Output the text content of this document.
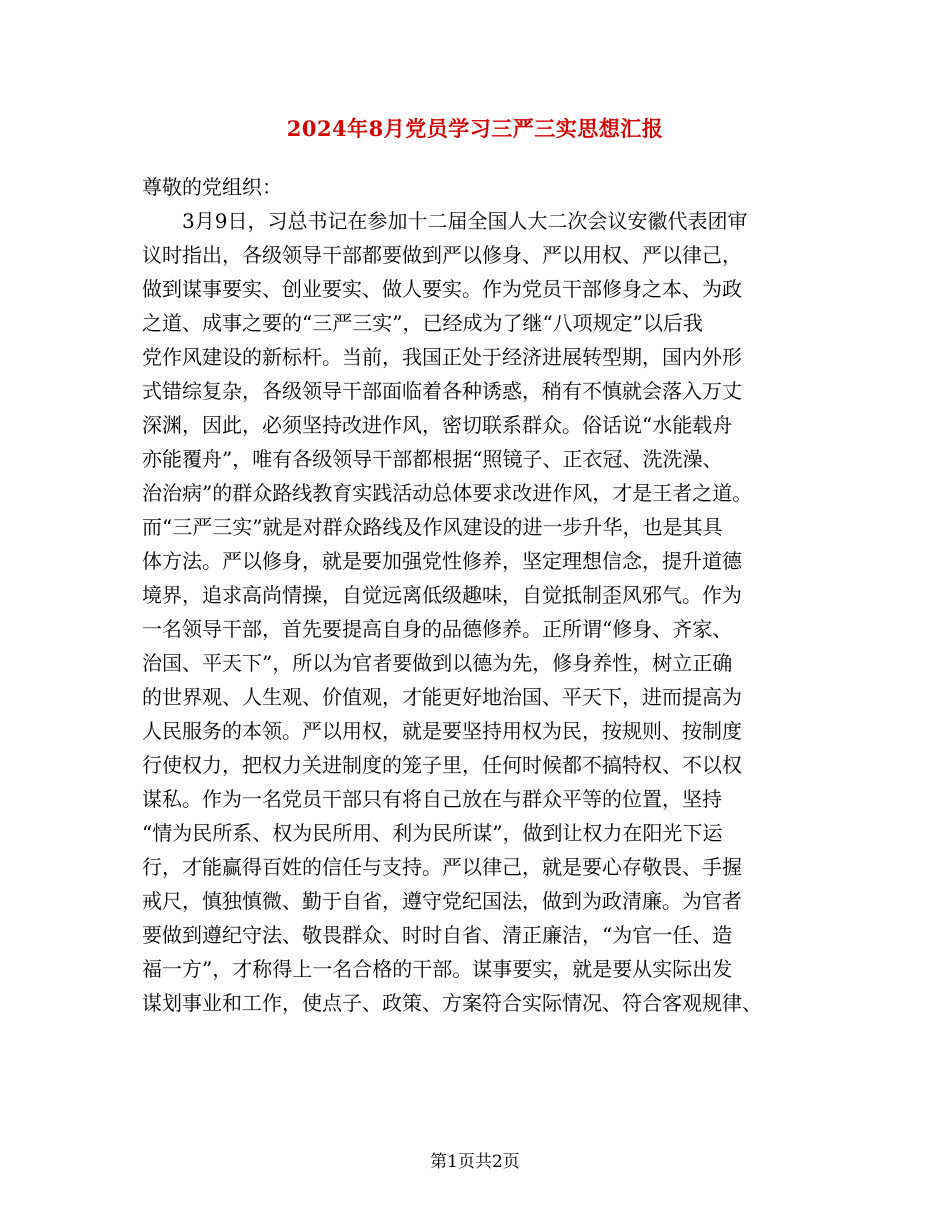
2024年8月党员学习三严三实思想汇报
尊敬的党组织：
3月9日，习总书记在参加十二届全国人大二次会议安徽代表团审
议时指出，各级领导干部都要做到严以修身、严以用权、严以律己，
做到谋事要实、创业要实、做人要实。作为党员干部修身之本、为政
之道、成事之要的“三严三实”，已经成为了继“八项规定”以后我
党作风建设的新标杆。当前，我国正处于经济进展转型期，国内外形
式错综复杂，各级领导干部面临着各种诱惑，稍有不慎就会落入万丈
深渊，因此，必须坚持改进作风，密切联系群众。俗话说“水能载舟
亦能覆舟”，唯有各级领导干部都根据“照镜子、正衣冠、洗洗澡、
治治病”的群众路线教育实践活动总体要求改进作风，才是王者之道。
而“三严三实”就是对群众路线及作风建设的进一步升华，也是其具
体方法。严以修身，就是要加强党性修养，坚定理想信念，提升道德
境界，追求高尚情操，自觉远离低级趣味，自觉抵制歪风邪气。作为
一名领导干部，首先要提高自身的品德修养。正所谓“修身、齐家、
治国、平天下”，所以为官者要做到以德为先，修身养性，树立正确
的世界观、人生观、价值观，才能更好地治国、平天下，进而提高为
人民服务的本领。严以用权，就是要坚持用权为民，按规则、按制度
行使权力，把权力关进制度的笼子里，任何时候都不搞特权、不以权
谋私。作为一名党员干部只有将自己放在与群众平等的位置，坚持
“情为民所系、权为民所用、利为民所谋”，做到让权力在阳光下运
行，才能赢得百姓的信任与支持。严以律己，就是要心存敬畏、手握
戒尺，慎独慎微、勤于自省，遵守党纪国法，做到为政清廉。为官者
要做到遵纪守法、敬畏群众、时时自省、清正廉洁，“为官一任、造
福一方”，才称得上一名合格的干部。谋事要实，就是要从实际出发
谋划事业和工作，使点子、政策、方案符合实际情况、符合客观规律、
第1页共2页
